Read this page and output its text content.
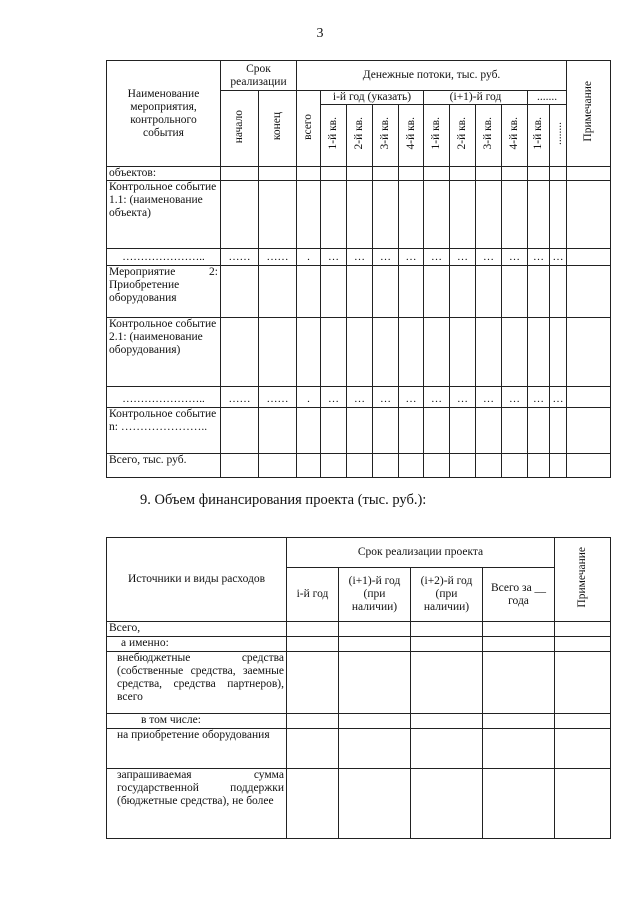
3
Наименование мероприятия, контрольного события	Срок реализации		Денежные потоки, тыс. руб.											Примечание
	начало	конец	всего	i-й год (указать)				(i+1)-й год				.......		
				1-й кв.	2-й кв.	3-й кв.	4-й кв.	1-й кв.	2-й кв.	3-й кв.	4-й кв.	1-й кв.	........	
объектов:														
Контрольное событие 1.1: (наименование объекта)														
…………………..	……	……	.	…	…	…	…	…	…	…	…	…	…	
Мероприятие 2: Приобретение оборудования														
Контрольное событие 2.1: (наименование оборудования)														
…………………..	……	……	.	…	…	…	…	…	…	…	…	…	…	
Контрольное событие n: …………………..														
Всего, тыс. руб.														
9. Объем финансирования проекта (тыс. руб.):
Источники и виды расходов	Срок реализации проекта				Примечание
	i-й год	(i+1)-й год (при наличии)	(i+2)-й год (при наличии)	Всего за __ года	
Всего,					
а именно:					
внебюджетные средства (собственные средства, заемные средства, средства партнеров), всего					
в том числе:					
на приобретение оборудования					
запрашиваемая сумма государственной поддержки (бюджетные средства), не более					
